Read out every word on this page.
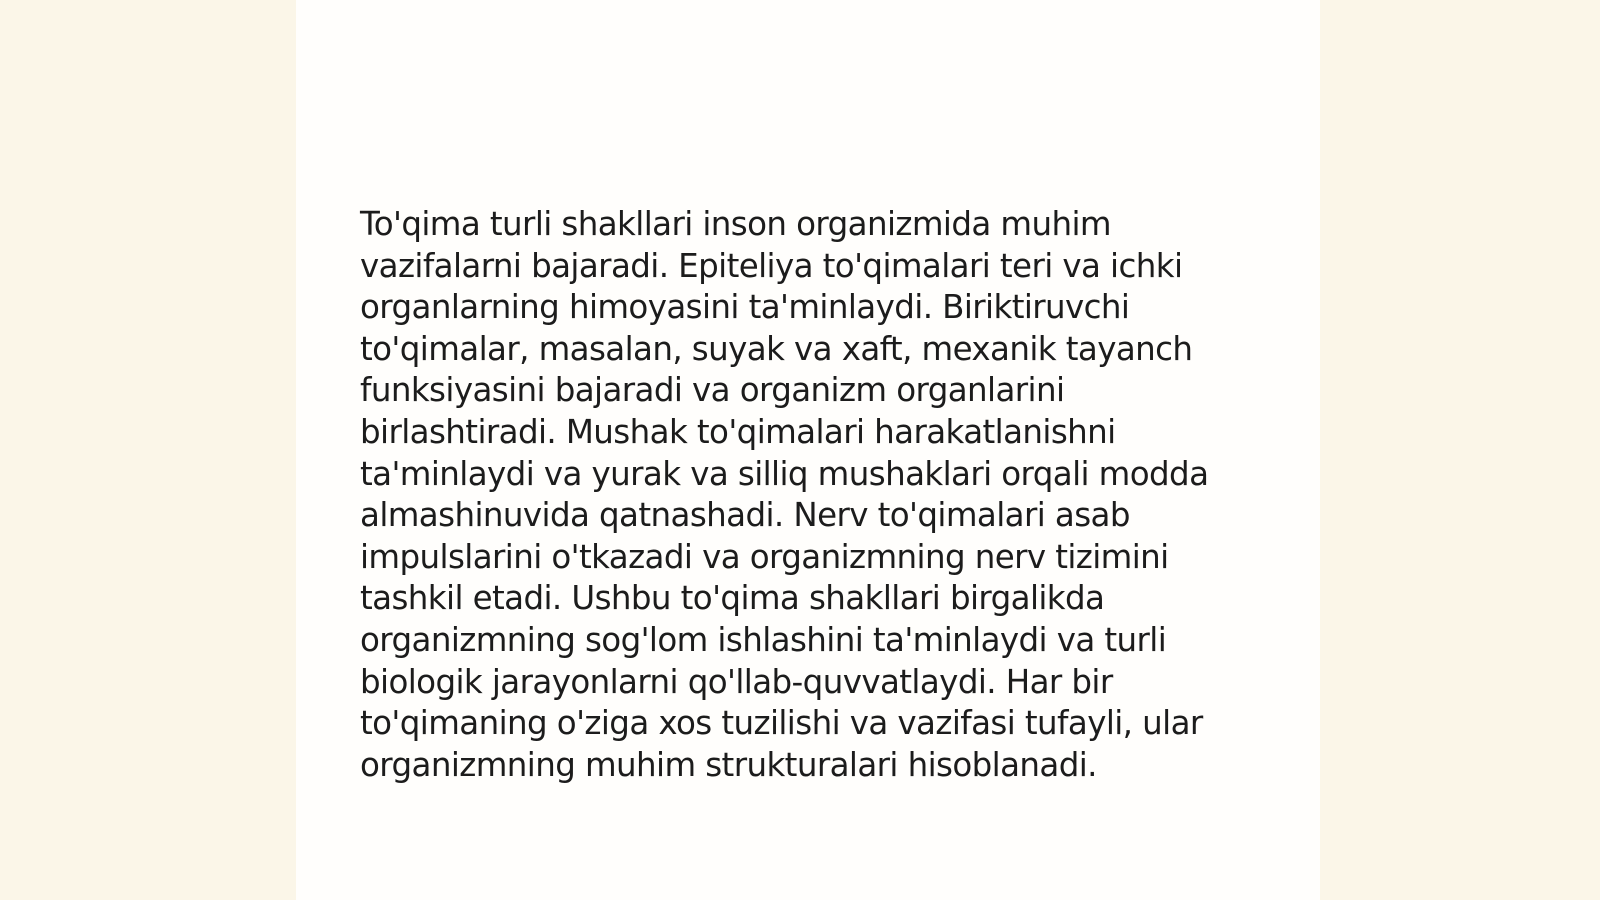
To'qima turli shakllari inson organizmida muhim
vazifalarni bajaradi. Epiteliya to'qimalari teri va ichki
organlarning himoyasini ta'minlaydi. Biriktiruvchi
to'qimalar, masalan, suyak va xaft, mexanik tayanch
funksiyasini bajaradi va organizm organlarini
birlashtiradi. Mushak to'qimalari harakatlanishni
ta'minlaydi va yurak va silliq mushaklari orqali modda
almashinuvida qatnashadi. Nerv to'qimalari asab
impulslarini o'tkazadi va organizmning nerv tizimini
tashkil etadi. Ushbu to'qima shakllari birgalikda
organizmning sog'lom ishlashini ta'minlaydi va turli
biologik jarayonlarni qo'llab-quvvatlaydi. Har bir
to'qimaning o'ziga xos tuzilishi va vazifasi tufayli, ular
organizmning muhim strukturalari hisoblanadi.
